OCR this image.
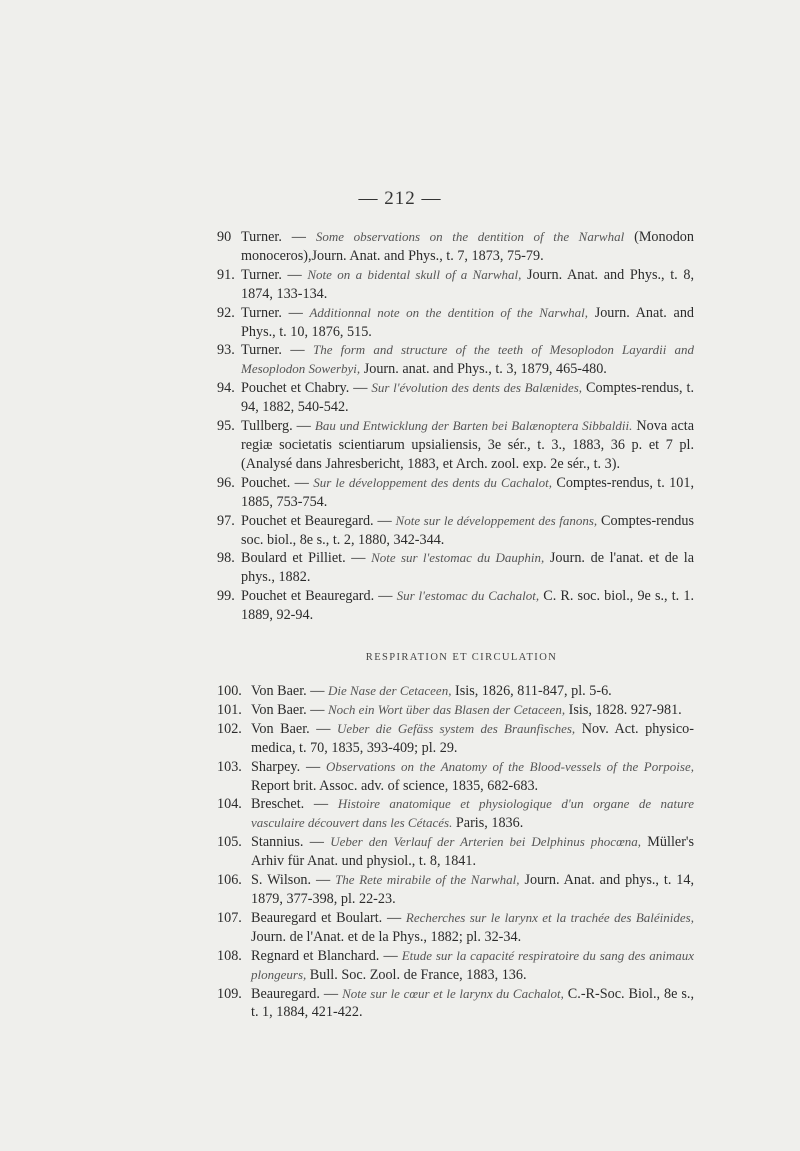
— 212 —

90 Turner. — Some observations on the dentition of the Narwhal (Monodon monoceros),Journ. Anat. and Phys., t. 7, 1873, 75-79.

91. Turner. — Note on a bidental skull of a Narwhal, Journ. Anat. and Phys., t. 8, 1874, 133-134.

92. Turner. — Additionnal note on the dentition of the Narwhal, Journ. Anat. and Phys., t. 10, 1876, 515.

93. Turner. — The form and structure of the teeth of Mesoplodon Layardii and Mesoplodon Sowerbyi, Journ. anat. and Phys., t. 3, 1879, 465-480.

94. Pouchet et Chabry. — Sur l'évolution des dents des Balænides, Comptes-rendus, t. 94, 1882, 540-542.

95. Tullberg. — Bau und Entwicklung der Barten bei Balænoptera Sibbaldii. Nova acta regiæ societatis scientiarum upsialiensis, 3e sér., t. 3., 1883, 36 p. et 7 pl. (Analysé dans Jahresbericht, 1883, et Arch. zool. exp. 2e sér., t. 3).

96. Pouchet. — Sur le développement des dents du Cachalot, Comptes-rendus, t. 101, 1885, 753-754.

97. Pouchet et Beauregard. — Note sur le développement des fanons, Comptes-rendus soc. biol., 8e s., t. 2, 1880, 342-344.

98. Boulard et Pilliet. — Note sur l'estomac du Dauphin, Journ. de l'anat. et de la phys., 1882.

99. Pouchet et Beauregard. — Sur l'estomac du Cachalot, C. R. soc. biol., 9e s., t. 1. 1889, 92-94.

RESPIRATION ET CIRCULATION

100. Von Baer. — Die Nase der Cetaceen, Isis, 1826, 811-847, pl. 5-6.

101. Von Baer. — Noch ein Wort über das Blasen der Cetaceen, Isis, 1828. 927-981.

102. Von Baer. — Ueber die Gefäss system des Braunfisches, Nov. Act. physico-medica, t. 70, 1835, 393-409; pl. 29.

103. Sharpey. — Observations on the Anatomy of the Blood-vessels of the Porpoise, Report brit. Assoc. adv. of science, 1835, 682-683.

104. Breschet. — Histoire anatomique et physiologique d'un organe de nature vasculaire découvert dans les Cétacés. Paris, 1836.

105. Stannius. — Ueber den Verlauf der Arterien bei Delphinus phocœna, Müller's Arhiv für Anat. und physiol., t. 8, 1841.

106. S. Wilson. — The Rete mirabile of the Narwhal, Journ. Anat. and phys., t. 14, 1879, 377-398, pl. 22-23.

107. Beauregard et Boulart. — Recherches sur le larynx et la trachée des Baléinides, Journ. de l'Anat. et de la Phys., 1882; pl. 32-34.

108. Regnard et Blanchard. — Etude sur la capacité respiratoire du sang des animaux plongeurs, Bull. Soc. Zool. de France, 1883, 136.

109. Beauregard. — Note sur le cœur et le larynx du Cachalot, C.-R-Soc. Biol., 8e s., t. 1, 1884, 421-422.
